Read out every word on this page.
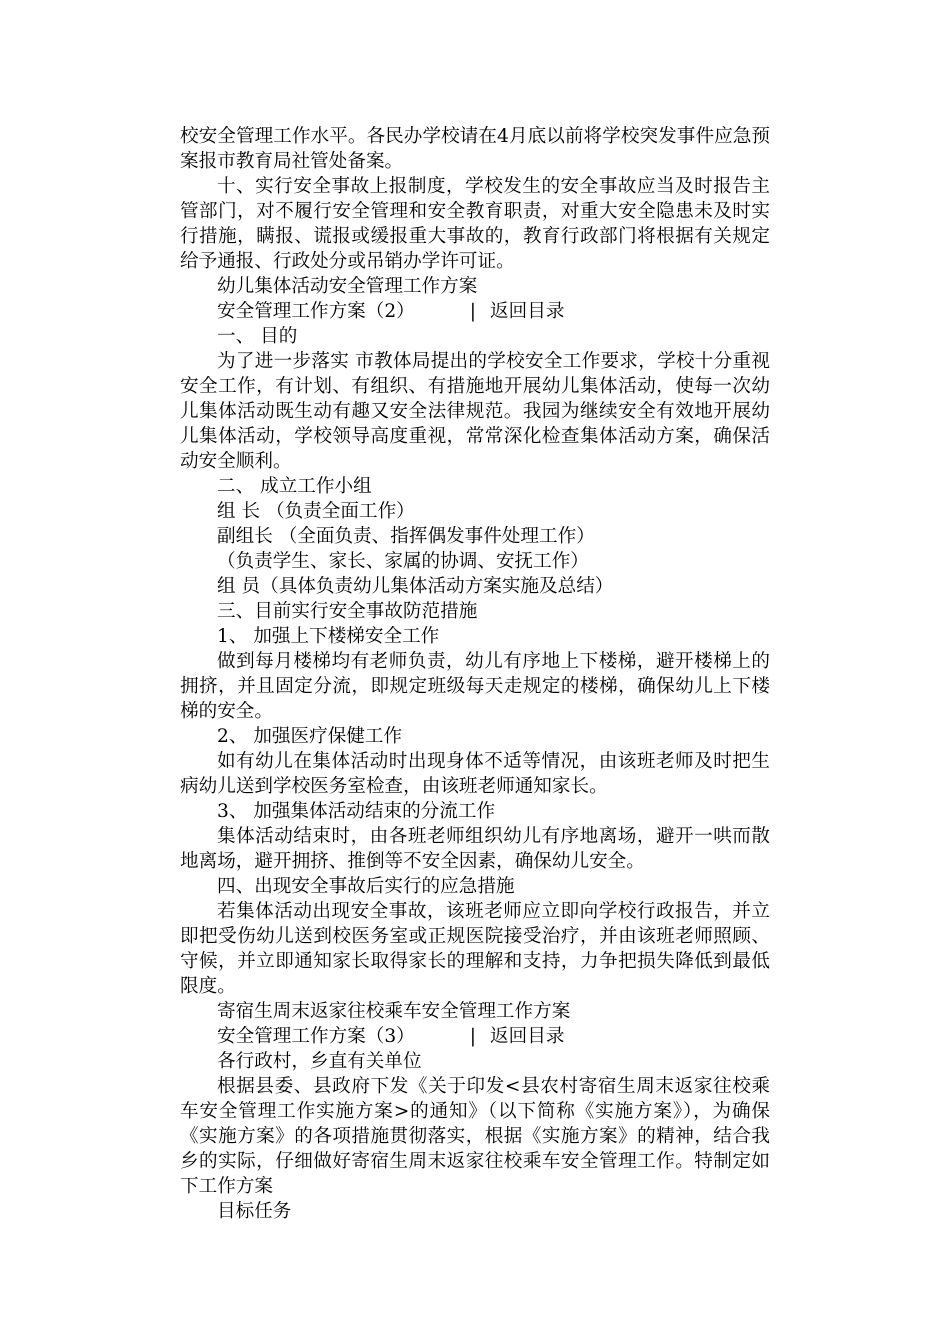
校安全管理工作水平。各民办学校请在4月底以前将学校突发事件应急预案报市教育局社管处备案。

十、实行安全事故上报制度，学校发生的安全事故应当及时报告主管部门，对不履行安全管理和安全教育职责，对重大安全隐患未及时实行措施，瞒报、谎报或缓报重大事故的，教育行政部门将根据有关规定给予通报、行政处分或吊销办学许可证。

幼儿集体活动安全管理工作方案

安全管理工作方案（2）	| 返回目录

一、 目的

为了进一步落实 市教体局提出的学校安全工作要求，学校十分重视安全工作，有计划、有组织、有措施地开展幼儿集体活动，使每一次幼儿集体活动既生动有趣又安全法律规范。我园为继续安全有效地开展幼儿集体活动，学校领导高度重视，常常深化检查集体活动方案，确保活动安全顺利。

二、 成立工作小组

组 长 （负责全面工作）

副组长 （全面负责、指挥偶发事件处理工作）

（负责学生、家长、家属的协调、安抚工作）

组 员（具体负责幼儿集体活动方案实施及总结）

三、目前实行安全事故防范措施

1、 加强上下楼梯安全工作

做到每月楼梯均有老师负责，幼儿有序地上下楼梯，避开楼梯上的拥挤，并且固定分流，即规定班级每天走规定的楼梯，确保幼儿上下楼梯的安全。

2、 加强医疗保健工作

如有幼儿在集体活动时出现身体不适等情况，由该班老师及时把生病幼儿送到学校医务室检查，由该班老师通知家长。

3、 加强集体活动结束的分流工作

集体活动结束时，由各班老师组织幼儿有序地离场，避开一哄而散地离场，避开拥挤、推倒等不安全因素，确保幼儿安全。

四、出现安全事故后实行的应急措施

若集体活动出现安全事故，该班老师应立即向学校行政报告，并立即把受伤幼儿送到校医务室或正规医院接受治疗，并由该班老师照顾、守候，并立即通知家长取得家长的理解和支持，力争把损失降低到最低限度。

寄宿生周末返家往校乘车安全管理工作方案

安全管理工作方案（3）	| 返回目录

各行政村，乡直有关单位

根据县委、县政府下发《关于印发<县农村寄宿生周末返家往校乘车安全管理工作实施方案>的通知》（以下简称《实施方案》），为确保《实施方案》的各项措施贯彻落实，根据《实施方案》的精神，结合我乡的实际，仔细做好寄宿生周末返家往校乘车安全管理工作。特制定如下工作方案

目标任务
